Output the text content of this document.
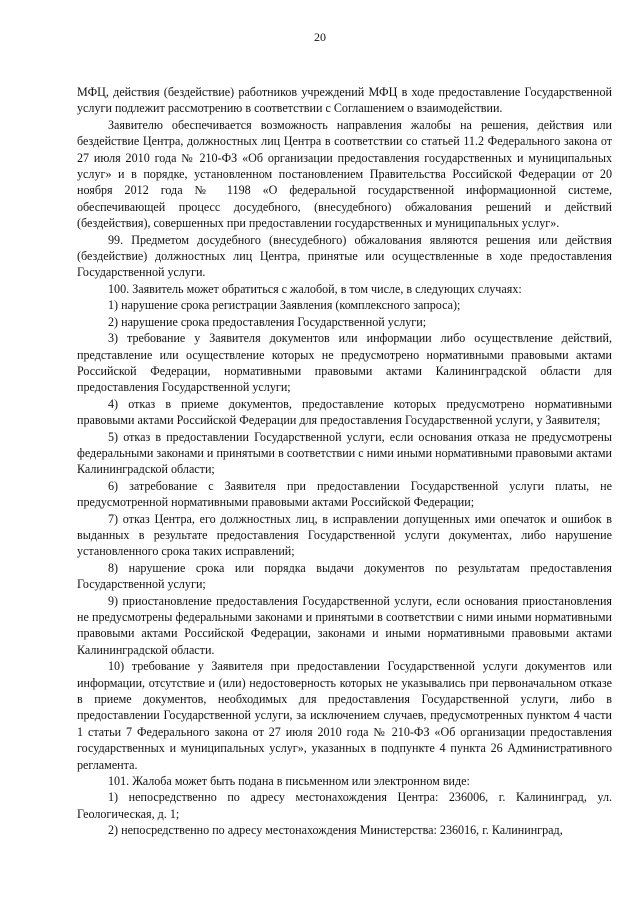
20

МФЦ, действия (бездействие) работников учреждений МФЦ в ходе предоставление Государственной услуги подлежит рассмотрению в соответствии с Соглашением о взаимодействии.

Заявителю обеспечивается возможность направления жалобы на решения, действия или бездействие Центра, должностных лиц Центра в соответствии со статьей 11.2 Федерального закона от 27 июля 2010 года № 210-ФЗ «Об организации предоставления государственных и муниципальных услуг» и в порядке, установленном постановлением Правительства Российской Федерации от 20 ноября 2012 года № 1198 «О федеральной государственной информационной системе, обеспечивающей процесс досудебного, (внесудебного) обжалования решений и действий (бездействия), совершенных при предоставлении государственных и муниципальных услуг».

99. Предметом досудебного (внесудебного) обжалования являются решения или действия (бездействие) должностных лиц Центра, принятые или осуществленные в ходе предоставления Государственной услуги.

100. Заявитель может обратиться с жалобой, в том числе, в следующих случаях:

1) нарушение срока регистрации Заявления (комплексного запроса);

2) нарушение срока предоставления Государственной услуги;

3) требование у Заявителя документов или информации либо осуществление действий, представление или осуществление которых не предусмотрено нормативными правовыми актами Российской Федерации, нормативными правовыми актами Калининградской области для предоставления Государственной услуги;

4) отказ в приеме документов, предоставление которых предусмотрено нормативными правовыми актами Российской Федерации для предоставления Государственной услуги, у Заявителя;

5) отказ в предоставлении Государственной услуги, если основания отказа не предусмотрены федеральными законами и принятыми в соответствии с ними иными нормативными правовыми актами Калининградской области;

6) затребование с Заявителя при предоставлении Государственной услуги платы, не предусмотренной нормативными правовыми актами Российской Федерации;

7) отказ Центра, его должностных лиц, в исправлении допущенных ими опечаток и ошибок в выданных в результате предоставления Государственной услуги документах, либо нарушение установленного срока таких исправлений;

8) нарушение срока или порядка выдачи документов по результатам предоставления Государственной услуги;

9) приостановление предоставления Государственной услуги, если основания приостановления не предусмотрены федеральными законами и принятыми в соответствии с ними иными нормативными правовыми актами Российской Федерации, законами и иными нормативными правовыми актами Калининградской области.

10) требование у Заявителя при предоставлении Государственной услуги документов или информации, отсутствие и (или) недостоверность которых не указывались при первоначальном отказе в приеме документов, необходимых для предоставления Государственной услуги, либо в предоставлении Государственной услуги, за исключением случаев, предусмотренных пунктом 4 части 1 статьи 7 Федерального закона от 27 июля 2010 года № 210-ФЗ «Об организации предоставления государственных и муниципальных услуг», указанных в подпункте 4 пункта 26 Административного регламента.

101. Жалоба может быть подана в письменном или электронном виде:

1) непосредственно по адресу местонахождения Центра: 236006, г. Калининград, ул. Геологическая, д. 1;

2) непосредственно по адресу местонахождения Министерства: 236016, г. Калининград,
